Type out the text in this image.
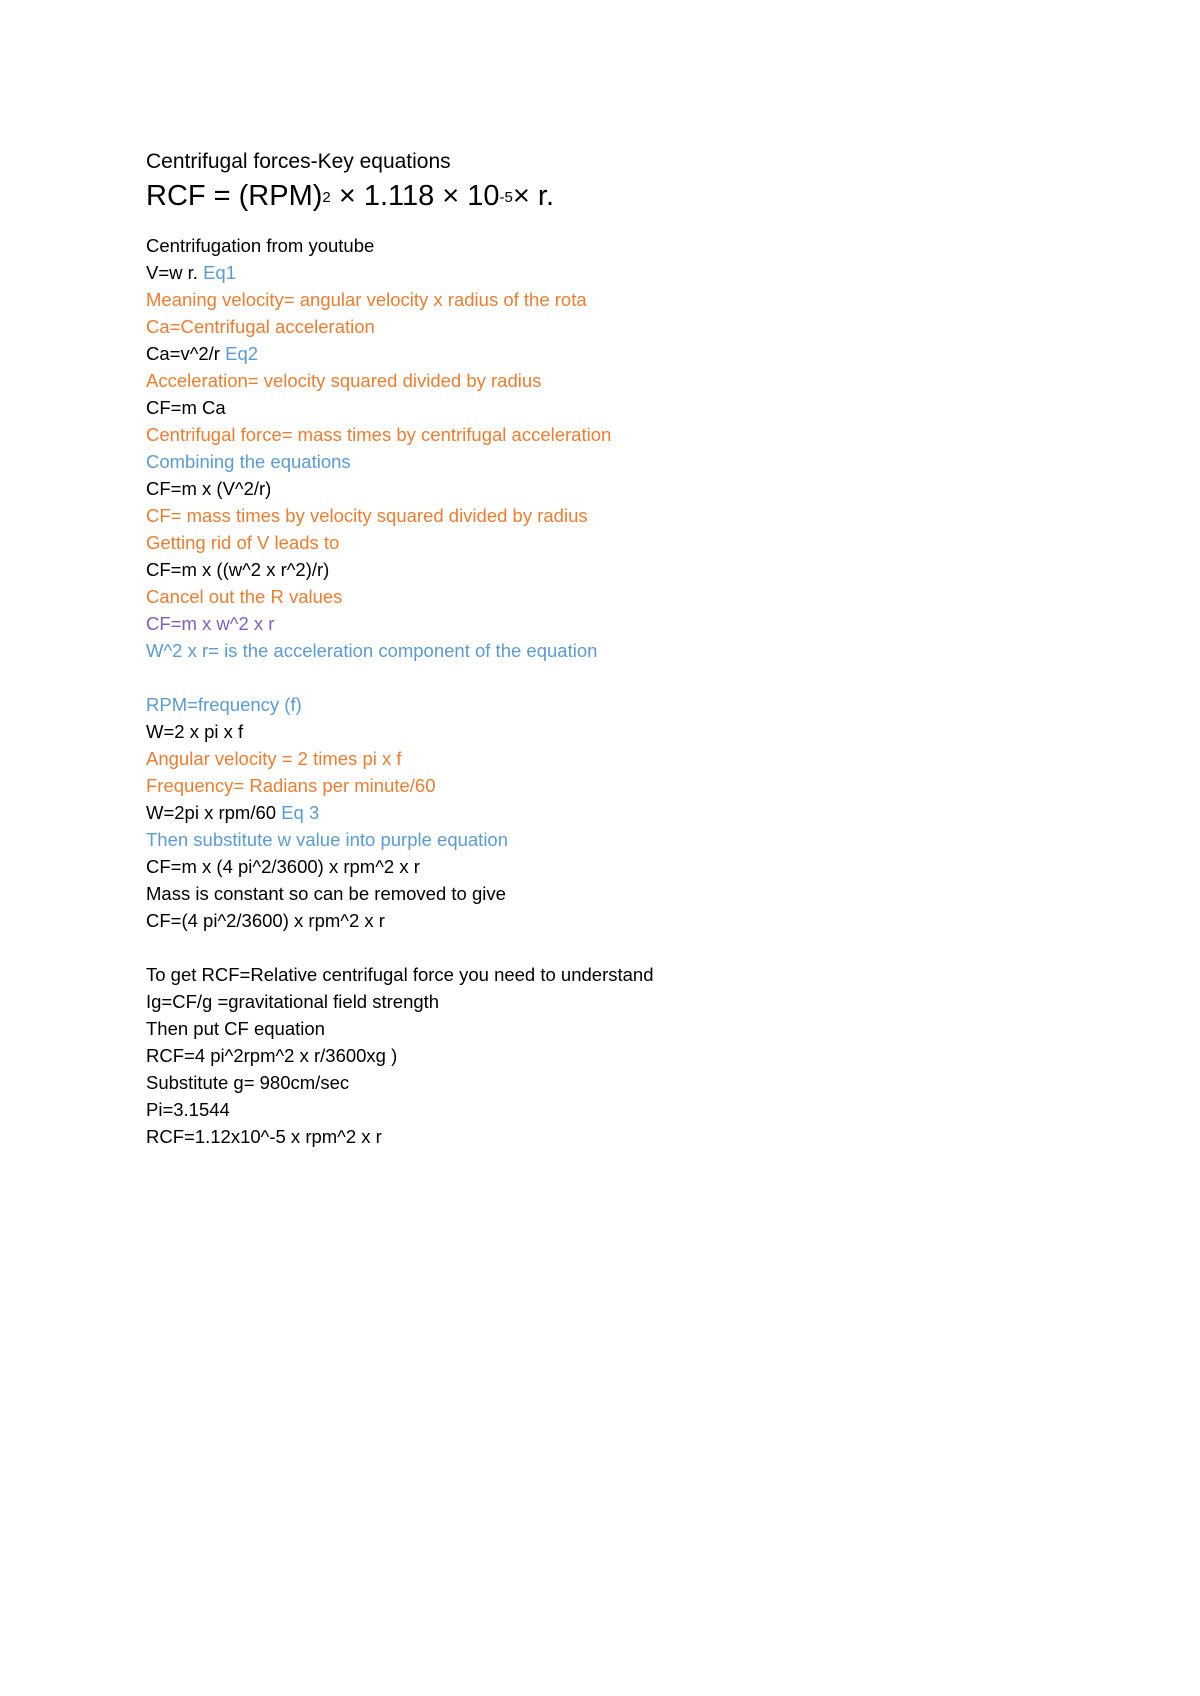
Centrifugal forces-Key equations
RCF = $(RPM)^2 \times 1.118 \times 10^{-5}\times r$.
Centrifugation from youtube
V=w r. Eq1
Meaning velocity= angular velocity x radius of the rota
Ca=Centrifugal acceleration
Ca=v^2/r Eq2
Acceleration= velocity squared divided by radius
CF=m Ca
Centrifugal force= mass times by centrifugal acceleration
Combining the equations
CF=m x (V^2/r)
CF= mass times by velocity squared divided by radius
Getting rid of V leads to
CF=m x ((w^2 x r^2)/r)
Cancel out the R values
CF=m x w^2 x r
W^2 x r= is the acceleration component of the equation
RPM=frequency (f)
W=2 x pi x f
Angular velocity = 2 times pi x f
Frequency= Radians per minute/60
W=2pi x rpm/60 Eq 3
Then substitute w value into purple equation
CF=m x (4 pi^2/3600) x rpm^2 x r
Mass is constant so can be removed to give
CF=(4 pi^2/3600) x rpm^2 x r
To get RCF=Relative centrifugal force you need to understand
Ig=CF/g =gravitational field strength
Then put CF equation
RCF=4 pi^2rpm^2 x r/3600xg )
Substitute g= 980cm/sec
Pi=3.1544
RCF=1.12x10^-5 x rpm^2 x r
